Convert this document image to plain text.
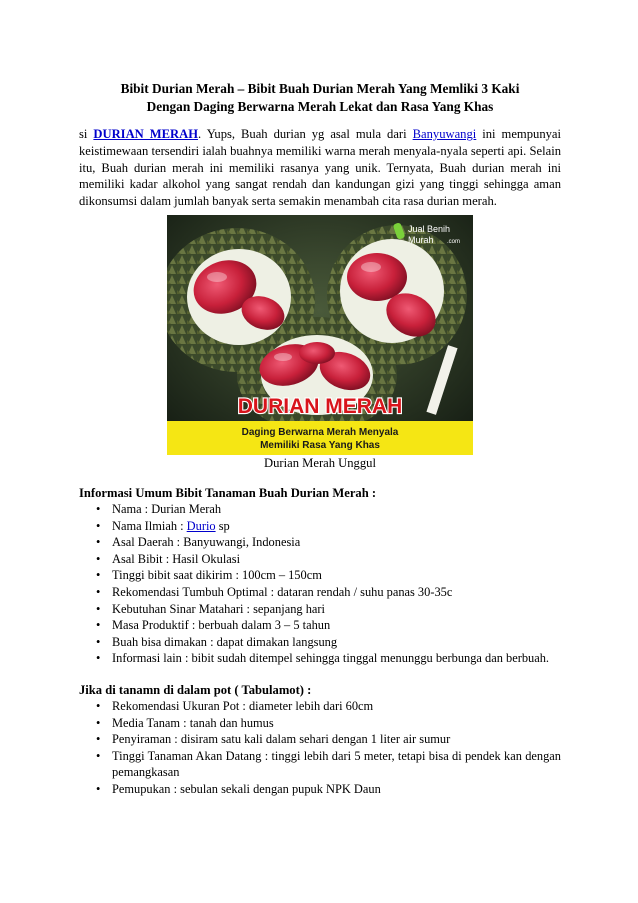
Bibit Durian Merah – Bibit Buah Durian Merah Yang Memliki 3 Kaki
Dengan Daging Berwarna Merah Lekat dan Rasa Yang Khas

si DURIAN MERAH. Yups, Buah durian yg asal mula dari Banyuwangi ini mempunyai keistimewaan tersendiri ialah buahnya memiliki warna merah menyala-nyala seperti api. Selain itu, Buah durian merah ini memiliki rasanya yang unik. Ternyata, Buah durian merah ini memiliki kadar alkohol yang sangat rendah dan kandungan gizi yang tinggi sehingga aman dikonsumsi dalam jumlah banyak serta semakin menambah cita rasa durian merah.

Jual Benih
Murah .com
DURIAN MERAH
Daging Berwarna Merah Menyala
Memiliki Rasa Yang Khas
Durian Merah Unggul
Informasi Umum Bibit Tanaman Buah Durian Merah :
• Nama : Durian Merah
• Nama Ilmiah : Durio sp
• Asal Daerah : Banyuwangi, Indonesia
• Asal Bibit : Hasil Okulasi
• Tinggi bibit saat dikirim : 100cm – 150cm
• Rekomendasi Tumbuh Optimal : dataran rendah / suhu panas 30-35c
• Kebutuhan Sinar Matahari : sepanjang hari
• Masa Produktif : berbuah dalam 3 – 5 tahun
• Buah bisa dimakan : dapat dimakan langsung
• Informasi lain : bibit sudah ditempel sehingga tinggal menunggu berbunga dan berbuah.
Jika di tanamn di dalam pot ( Tabulamot) :
• Rekomendasi Ukuran Pot : diameter lebih dari 60cm
• Media Tanam : tanah dan humus
• Penyiraman : disiram satu kali dalam sehari dengan 1 liter air sumur
• Tinggi Tanaman Akan Datang : tinggi lebih dari 5 meter, tetapi bisa di pendek kan dengan pemangkasan
• Pemupukan : sebulan sekali dengan pupuk NPK Daun
